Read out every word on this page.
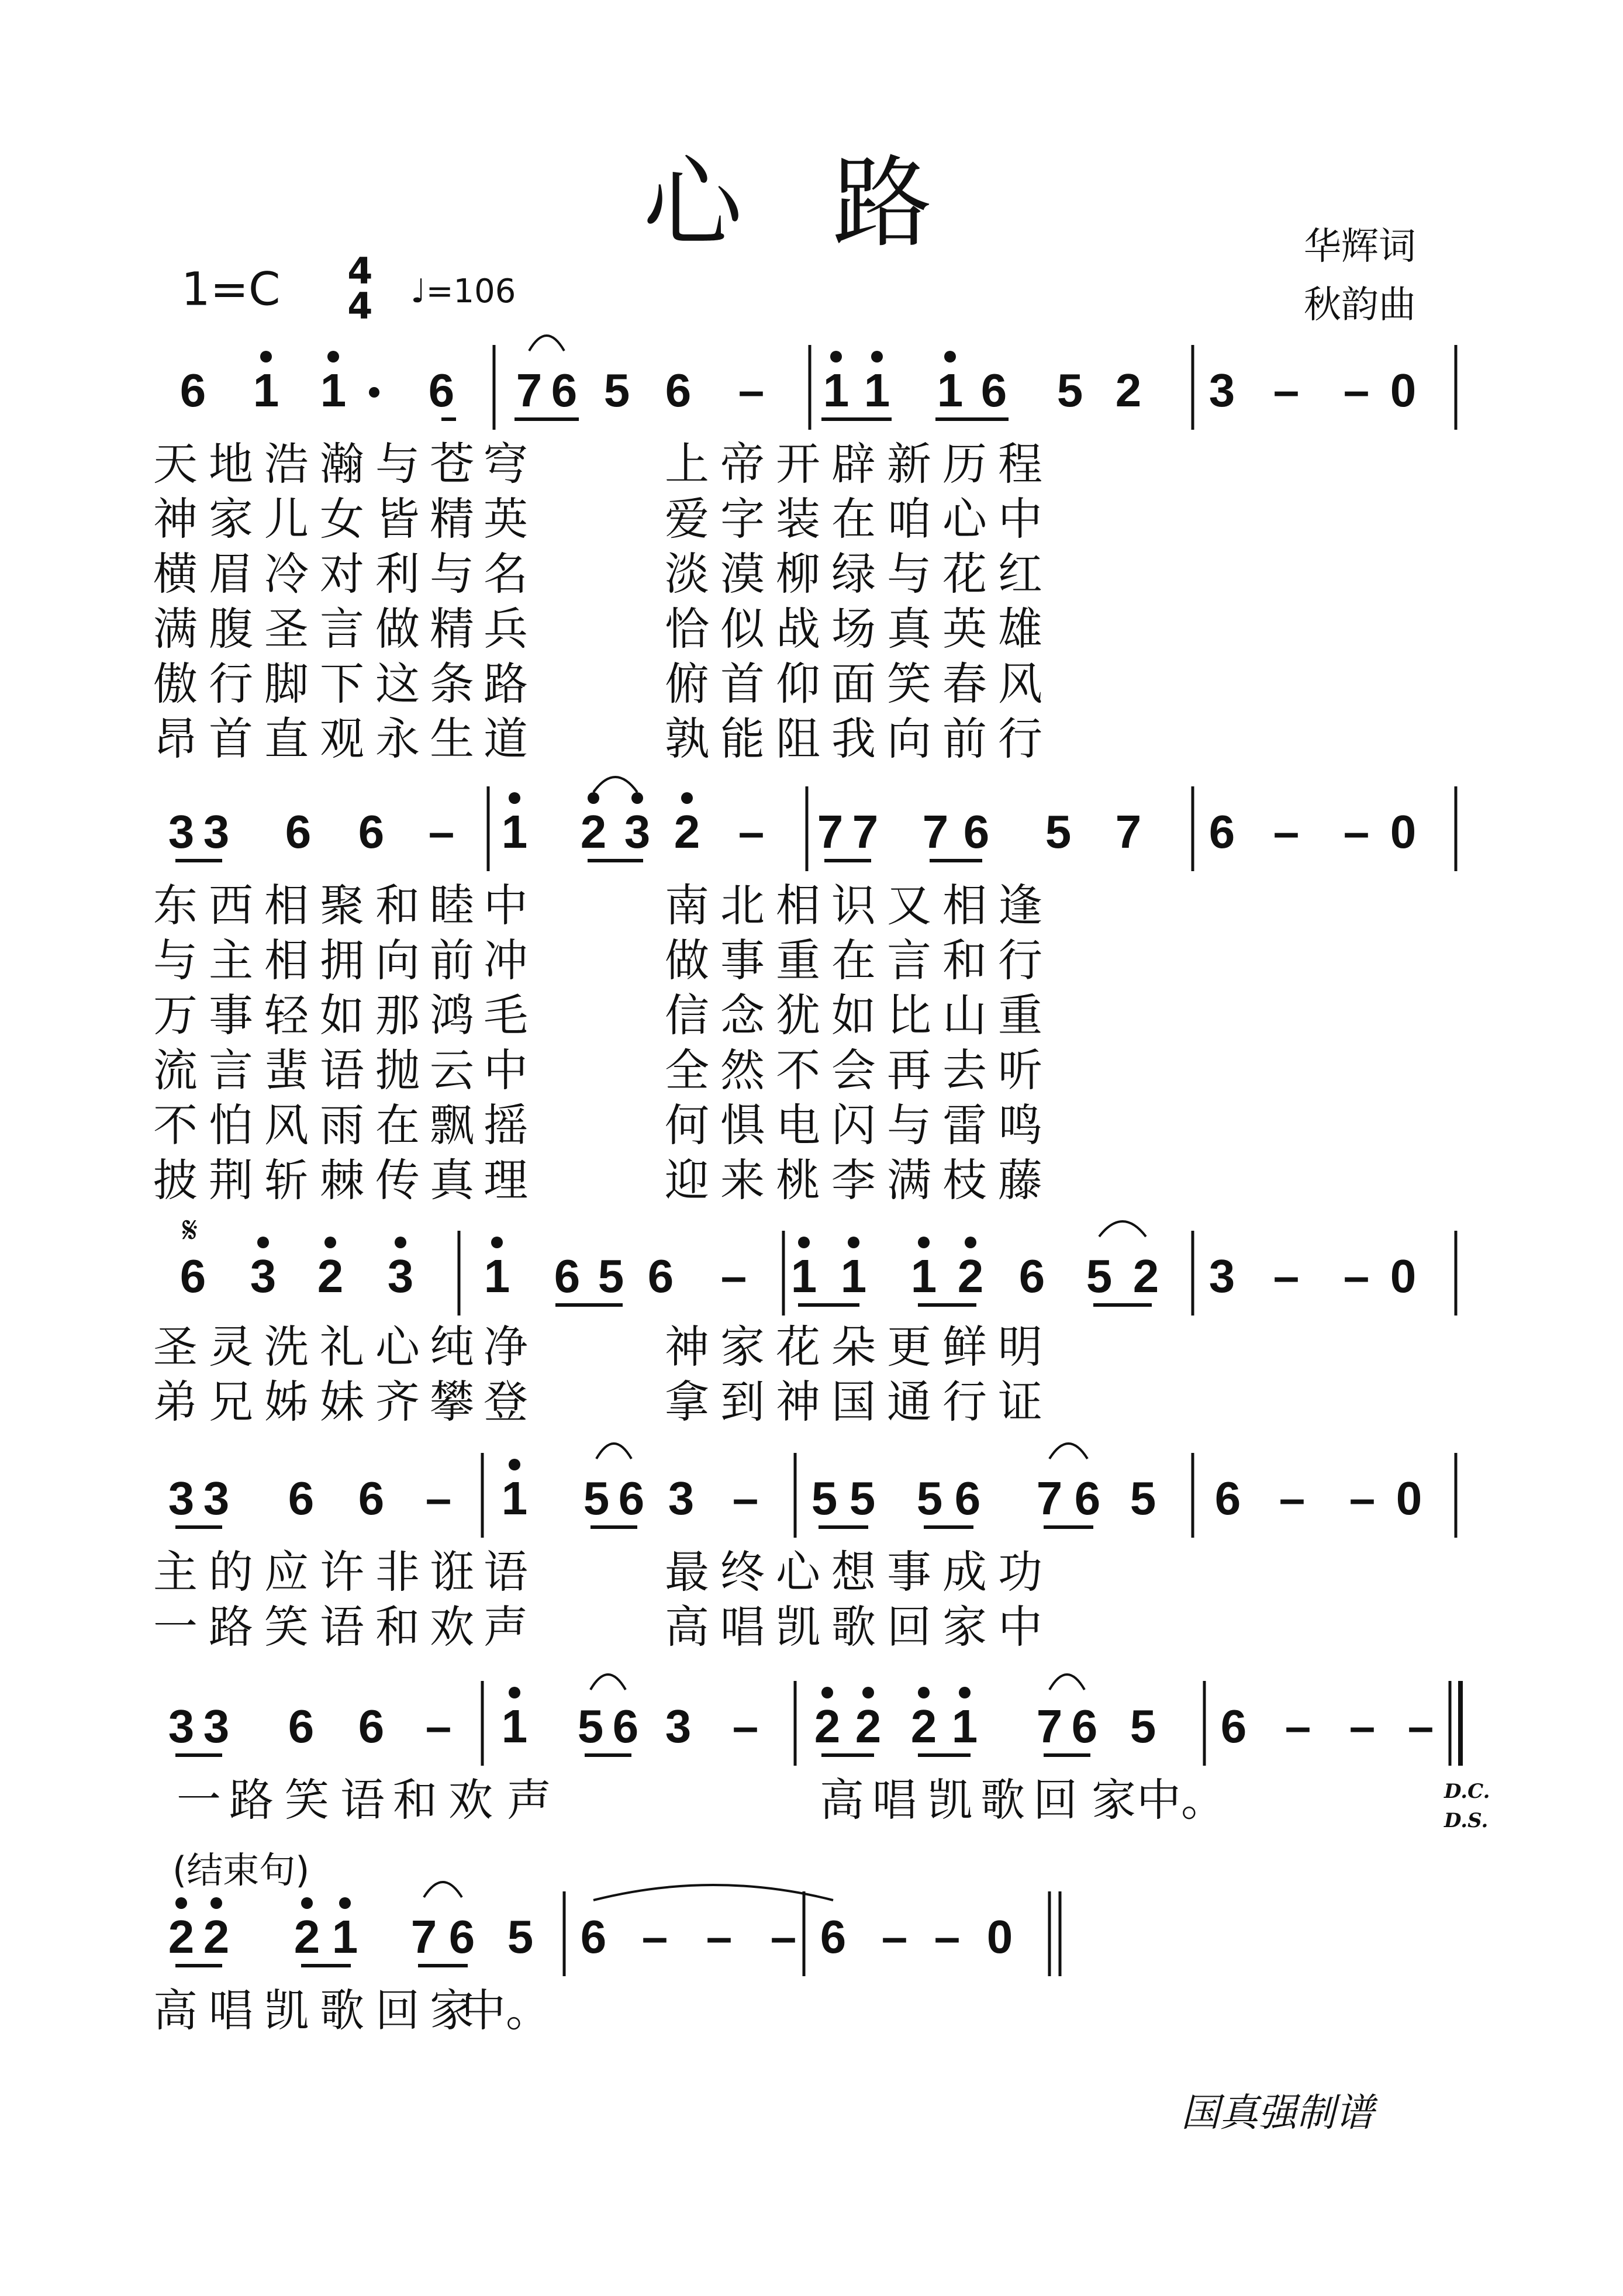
心 路	华辉词
秋韵曲
1=C 4
4 ♩=106
6 1 1 6 7 6 5 6 – 1 1 1 6 5 2 3 – – 0
天 地 浩 瀚 与 苍 穹	上 帝 开 辟 新 历 程
神 家 儿 女 皆 精 英	爱 字 装 在 咱 心 中
横 眉 冷 对 利 与 名	淡 漠 柳 绿 与 花 红
满 腹 圣 言 做 精 兵	恰 似 战 场 真 英 雄
傲 行 脚 下 这 条 路	俯 首 仰 面 笑 春 风
昂 首 直 观 永 生 道	孰 能 阻 我 向 前 行
3 3 6 6 – 1 2 3 2 – 7 7 7 6 5 7 6 – – 0
东 西 相 聚 和 睦 中	南 北 相 识 又 相 逢
与 主 相 拥 向 前 冲	做 事 重 在 言 和 行
万 事 轻 如 那 鸿 毛	信 念 犹 如 比 山 重
流 言 蜚 语 抛 云 中	全 然 不 会 再 去 听
不 怕 风 雨 在 飘 摇	何 惧 电 闪 与 雷 鸣
披 荆 斩 棘 传 真 理	迎 来 桃 李 满 枝 藤
6 3 2 3 1 6 5 6 – 1 1 1 2 6 5 2 3 – – 0
𝄋
圣 灵 洗 礼 心 纯 净	神 家 花 朵 更 鲜 明
弟 兄 姊 妹 齐 攀 登	拿 到 神 国 通 行 证
3 3 6 6 – 1 5 6 3 – 5 5 5 6 7 6 5 6 – – 0
主 的 应 许 非 诳 语	最 终 心 想 事 成 功
一 路 笑 语 和 欢 声	高 唱 凯 歌 回 家 中
3 3 6 6 – 1 5 6 3 – 2 2 2 1 7 6 5 6 – – –
D.C.
D.S.
一 路 笑 语 和 欢 声	高 唱 凯 歌 回 家 中。
2 2 2 1 7 6 5 6 – – – 6 – – 0
(结束句)
高 唱 凯 歌 回 家
中。
国真强制谱
